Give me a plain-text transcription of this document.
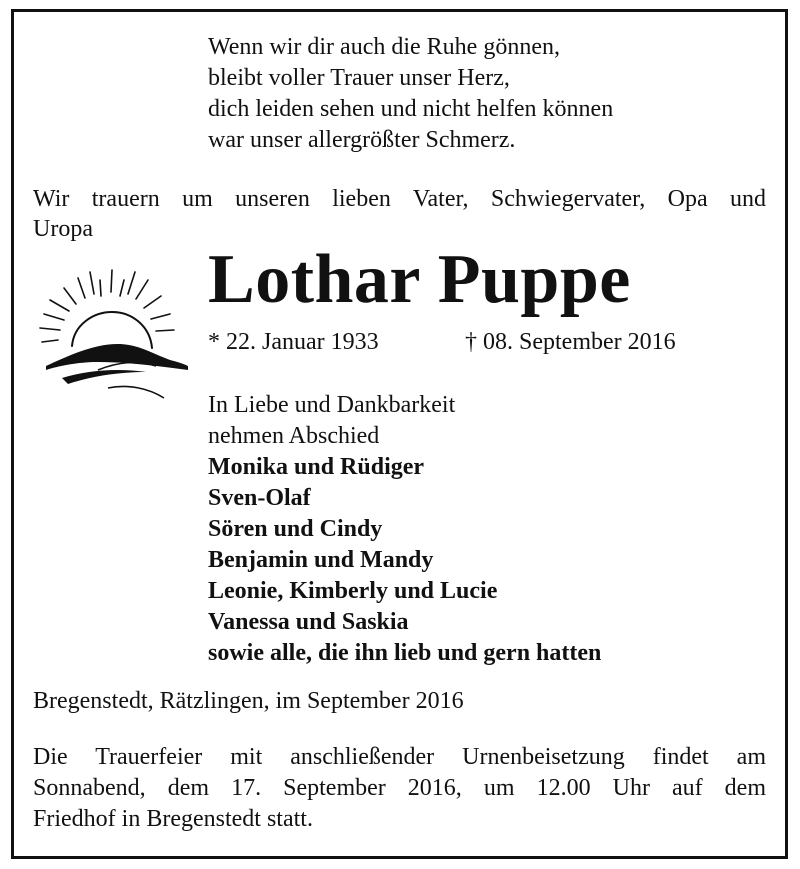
Wenn wir dir auch die Ruhe gönnen,
bleibt voller Trauer unser Herz,
dich leiden sehen und nicht helfen können
war unser allergrößter Schmerz.
Wir trauern um unseren lieben Vater, Schwiegervater, Opa und
Uropa
Lothar Puppe
* 22. Januar 1933	† 08. September 2016
In Liebe und Dankbarkeit
nehmen Abschied
Monika und Rüdiger
Sven-Olaf
Sören und Cindy
Benjamin und Mandy
Leonie, Kimberly und Lucie
Vanessa und Saskia
sowie alle, die ihn lieb und gern hatten
Bregenstedt, Rätzlingen, im September 2016
Die Trauerfeier mit anschließender Urnenbeisetzung findet am
Sonnabend, dem 17. September 2016, um 12.00 Uhr auf dem
Friedhof in Bregenstedt statt.
